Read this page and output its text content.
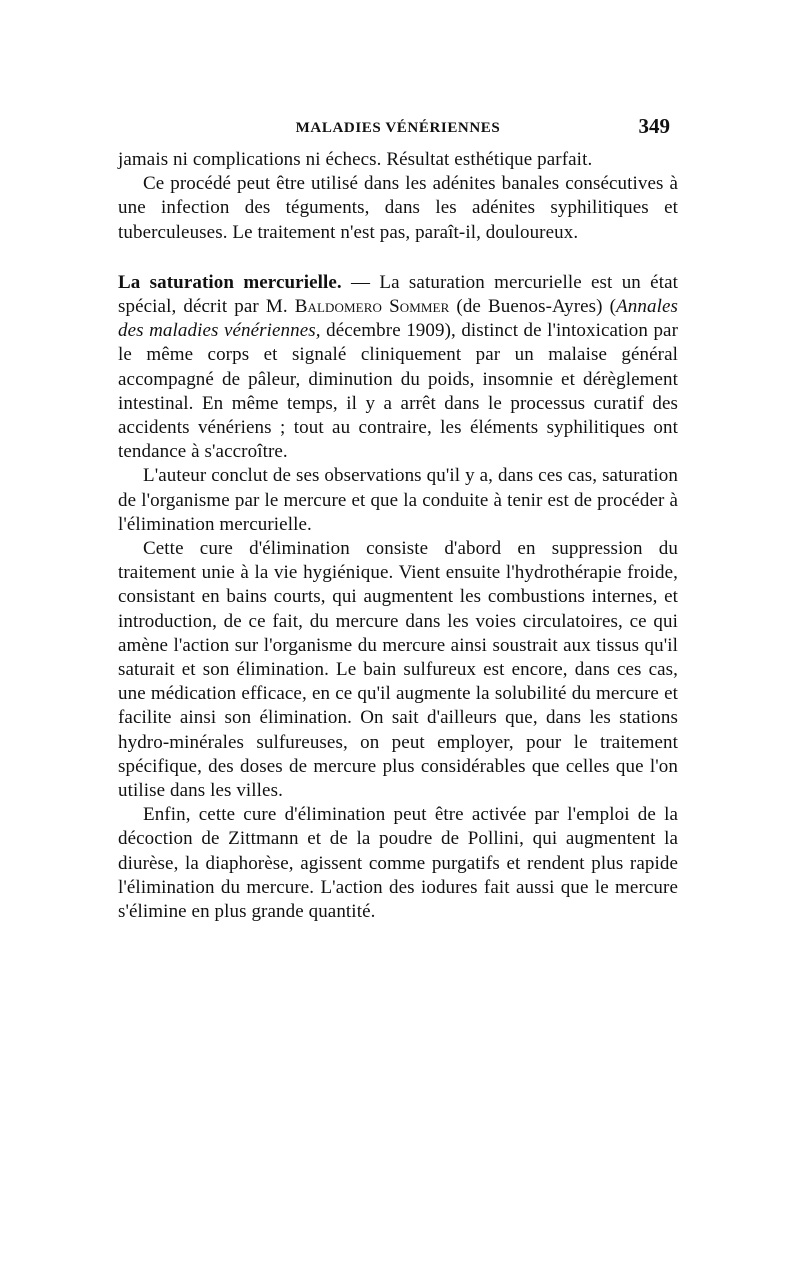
MALADIES VÉNÉRIENNES	349

jamais ni complications ni échecs. Résultat esthétique parfait.

Ce procédé peut être utilisé dans les adénites banales consécutives à une infection des téguments, dans les adénites syphilitiques et tuberculeuses. Le traitement n'est pas, paraît-il, douloureux.

La saturation mercurielle. — La saturation mercurielle est un état spécial, décrit par M. Baldomero Sommer (de Buenos-Ayres) (Annales des maladies vénériennes, décembre 1909), distinct de l'intoxication par le même corps et signalé cliniquement par un malaise général accompagné de pâleur, diminution du poids, insomnie et dérèglement intestinal. En même temps, il y a arrêt dans le processus curatif des accidents vénériens ; tout au contraire, les éléments syphilitiques ont tendance à s'accroître.

L'auteur conclut de ses observations qu'il y a, dans ces cas, saturation de l'organisme par le mercure et que la conduite à tenir est de procéder à l'élimination mercurielle.

Cette cure d'élimination consiste d'abord en suppression du traitement unie à la vie hygiénique. Vient ensuite l'hydrothérapie froide, consistant en bains courts, qui augmentent les combustions internes, et introduction, de ce fait, du mercure dans les voies circulatoires, ce qui amène l'action sur l'organisme du mercure ainsi soustrait aux tissus qu'il saturait et son élimination. Le bain sulfureux est encore, dans ces cas, une médication efficace, en ce qu'il augmente la solubilité du mercure et facilite ainsi son élimination. On sait d'ailleurs que, dans les stations hydro-minérales sulfureuses, on peut employer, pour le traitement spécifique, des doses de mercure plus considérables que celles que l'on utilise dans les villes.

Enfin, cette cure d'élimination peut être activée par l'emploi de la décoction de Zittmann et de la poudre de Pollini, qui augmentent la diurèse, la diaphorèse, agissent comme purgatifs et rendent plus rapide l'élimination du mercure. L'action des iodures fait aussi que le mercure s'élimine en plus grande quantité.
